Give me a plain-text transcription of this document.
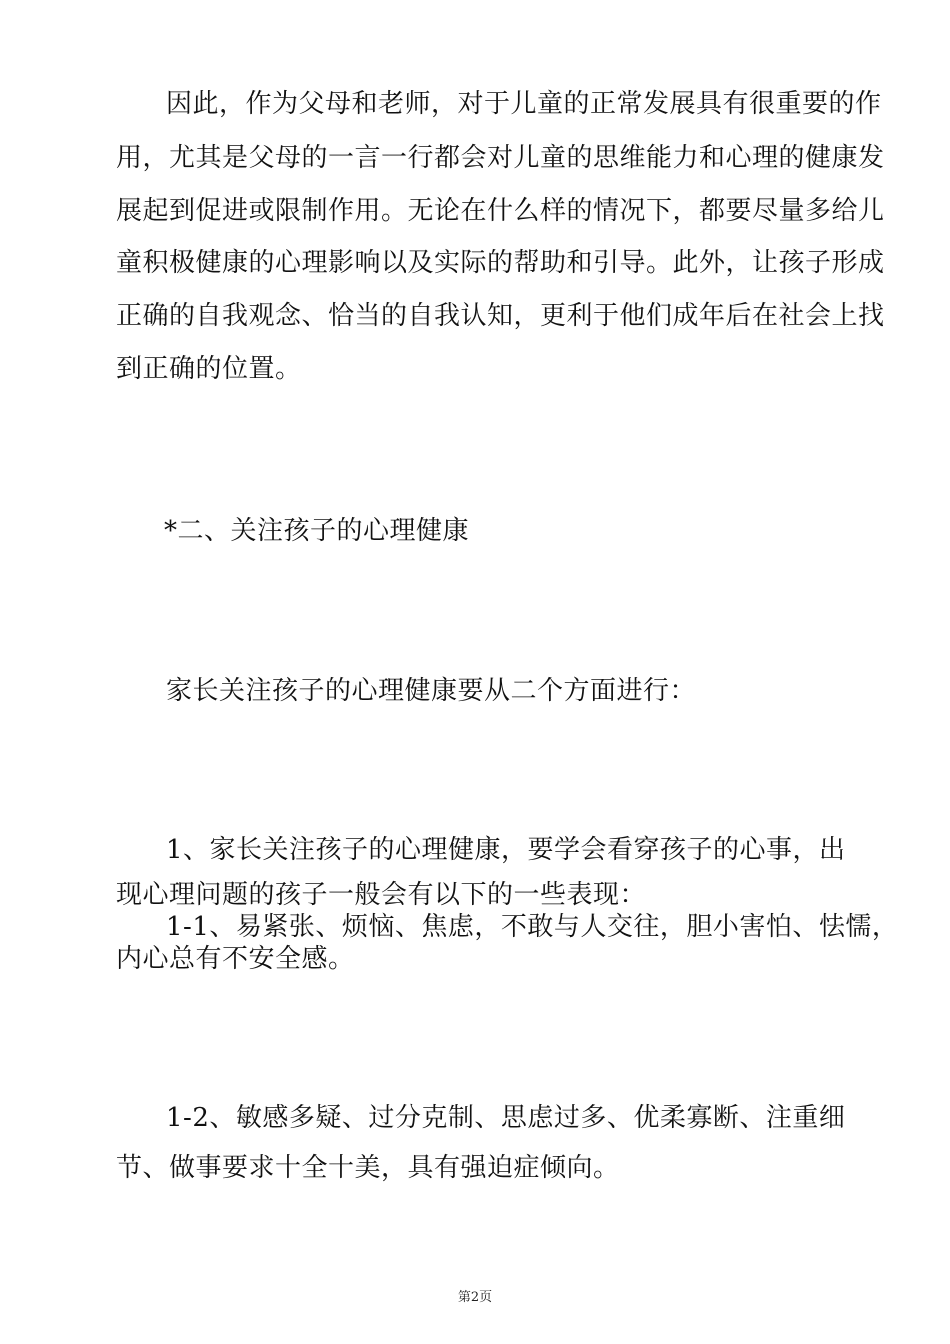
因此，作为父母和老师，对于儿童的正常发展具有很重要的作
用，尤其是父母的一言一行都会对儿童的思维能力和心理的健康发
展起到促进或限制作用。无论在什么样的情况下，都要尽量多给儿
童积极健康的心理影响以及实际的帮助和引导。此外，让孩子形成
正确的自我观念、恰当的自我认知，更利于他们成年后在社会上找
到正确的位置。
*二、关注孩子的心理健康
家长关注孩子的心理健康要从二个方面进行：
1、家长关注孩子的心理健康，要学会看穿孩子的心事，出
现心理问题的孩子一般会有以下的一些表现：
1-1、易紧张、烦恼、焦虑，不敢与人交往，胆小害怕、怯懦，
内心总有不安全感。
1-2、敏感多疑、过分克制、思虑过多、优柔寡断、注重细
节、做事要求十全十美，具有强迫症倾向。
第2页
